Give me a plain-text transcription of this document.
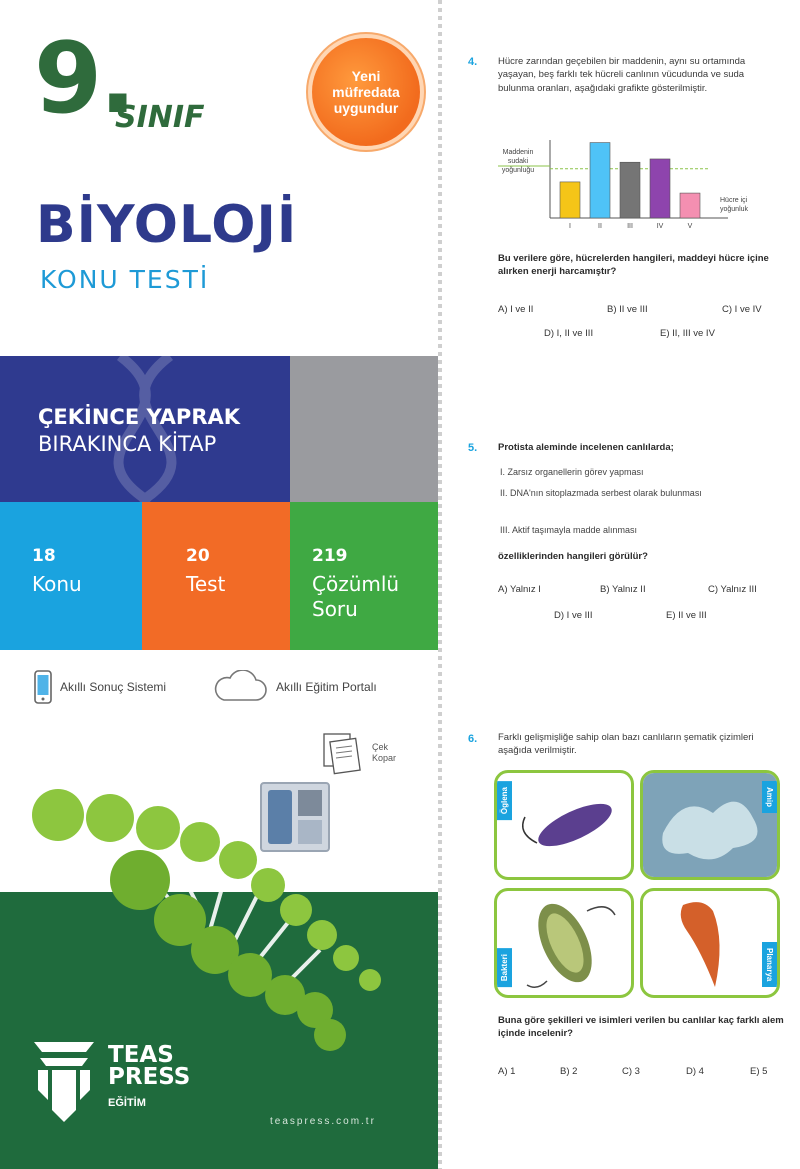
9.
SINIF
Yeni
müfredata
uygundur
BİYOLOJİ
KONU TESTİ
ÇEKİNCE YAPRAK
BIRAKINCA KİTAP
18
Konu
20
Test
219
Çözümlü
Soru
Akıllı Sonuç Sistemi	Akıllı Eğitim Portalı
Çek
Kopar
TEAS
PRESS
EĞİTİM
teaspress.com.tr
4. Hücre zarından geçebilen bir maddenin, aynı su ortamında yaşayan, beş farklı tek hücreli canlının vücudunda ve suda bulunma oranları, aşağıdaki grafikte gösterilmiştir.
Maddenin
sudaki
yoğunluğu
I	II	III	IV	V
Hücre içi
yoğunluk
Bu verilere göre, hücrelerden hangileri, maddeyi hücre içine alırken enerji harcamıştır?
A) I ve II	B) II ve III	C) I ve IV
D) I, II ve III	E) II, III ve IV
5. Protista aleminde incelenen canlılarda;
I. Zarsız organellerin görev yapması
II. DNA'nın sitoplazmada serbest olarak bulunması
III. Aktif taşımayla madde alınması
özelliklerinden hangileri görülür?
A) Yalnız I	B) Yalnız II	C) Yalnız III
D) I ve III	E) II ve III
6. Farklı gelişmişliğe sahip olan bazı canlıların şematik çizimleri aşağıda verilmiştir.
Öglena	Amip
Bakteri	Planarya
Buna göre şekilleri ve isimleri verilen bu canlılar kaç farklı alem içinde incelenir?
A) 1	B) 2	C) 3	D) 4	E) 5
